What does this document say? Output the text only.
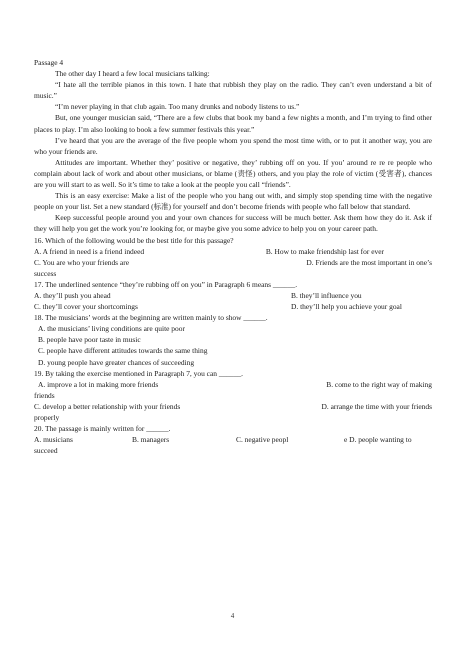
Passage 4
The other day I heard a few local musicians talking:
“I hate all the terrible pianos in this town. I hate that rubbish they play on the radio. They can’t even understand a bit of music.”
“I’m never playing in that club again. Too many drunks and nobody listens to us.”
But, one younger musician said, “There are a few clubs that book my band a few nights a month, and I’m trying to find other places to play. I’m also looking to book a few summer festivals this year.”
I’ve heard that you are the average of the five people whom you spend the most time with, or to put it another way, you are who your friends are.
Attitudes are important. Whether they’ positive or negative, they’ rubbing off on you. If you’ around re re re people who complain about lack of work and about other musicians, or blame (责怪) others, and you play the role of victim (受害者), chances are you will start to as well. So it’s time to take a look at the people you call “friends”.
This is an easy exercise: Make a list of the people who you hang out with, and simply stop spending time with the negative people on your list. Set a new standard (标准) for yourself and don’t become friends with people who fall below that standard.
Keep successful people around you and your own chances for success will be much better. Ask them how they do it. Ask if they will help you get the work you’re looking for, or maybe give you some advice to help you on your career path.
16. Which of the following would be the best title for this passage?
A. A friend in need is a friend indeed	B. How to make friendship last for ever
C. You are who your friends are	D. Friends are the most important in one’s
success
17. The underlined sentence “they’re rubbing off on you” in Paragraph 6 means ______.
A. they’ll push you ahead	B. they’ll influence you
C. they’ll cover your shortcomings	D. they’ll help you achieve your goal
18. The musicians’ words at the beginning are written mainly to show ______.
A. the musicians’ living conditions are quite poor
B. people have poor taste in music
C. people have different attitudes towards the same thing
D. young people have greater chances of succeeding
19. By taking the exercise mentioned in Paragraph 7, you can ______.
A. improve a lot in making more friends	B. come to the right way of making
friends
C. develop a better relationship with your friends	D. arrange the time with your friends
properly
20. The passage is mainly written for ______.
A. musicians	B. managers	C. negative peopl	e D. people wanting to
succeed
4
